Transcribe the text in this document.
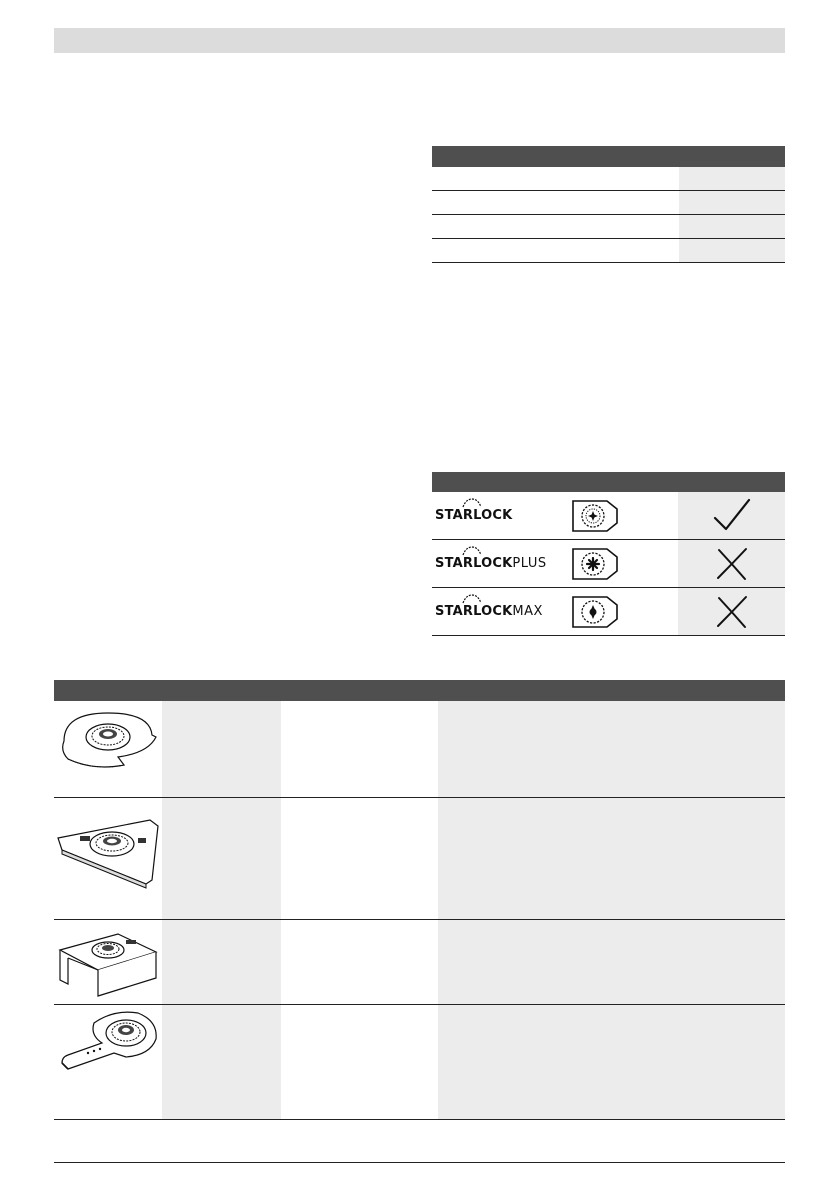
STARLOCK
STARLOCKPLUS
STARLOCKMAX
